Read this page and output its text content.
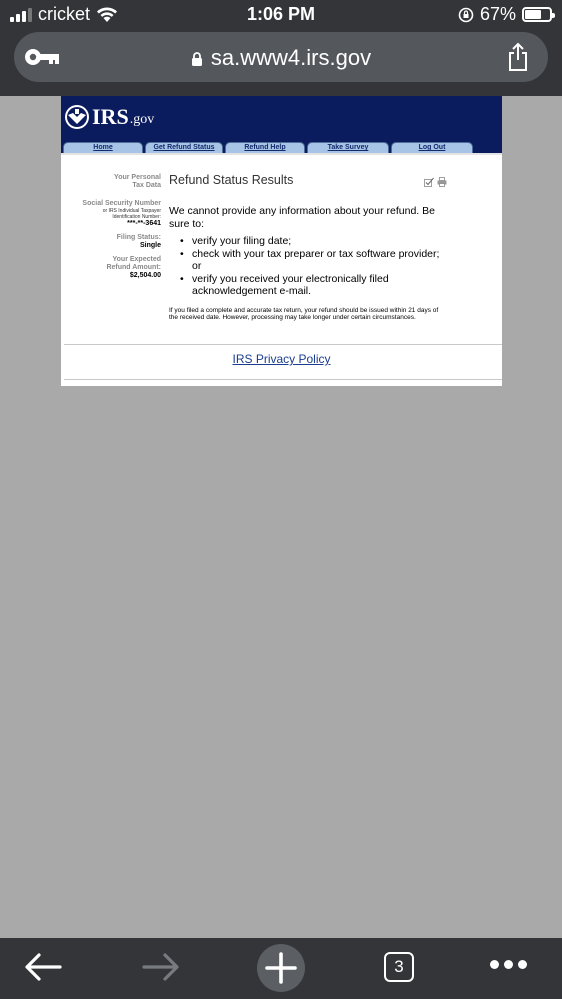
cricket	1:06 PM	67%
sa.www4.irs.gov
IRS .gov
Home	Get Refund Status	Refund Help	Take Survey	Log Out
Your Personal Tax Data
Social Security Number
or IRS Individual Taxpayer Identification Number:
***-**-3641
Filing Status:
Single
Your Expected Refund Amount:
$2,504.00
Refund Status Results
We cannot provide any information about your refund. Be sure to:
• verify your filing date;
• check with your tax preparer or tax software provider;
or
• verify you received your electronically filed acknowledgement e-mail.
If you filed a complete and accurate tax return, your refund should be issued within 21 days of the received date. However, processing may take longer under certain circumstances.
IRS Privacy Policy
3
